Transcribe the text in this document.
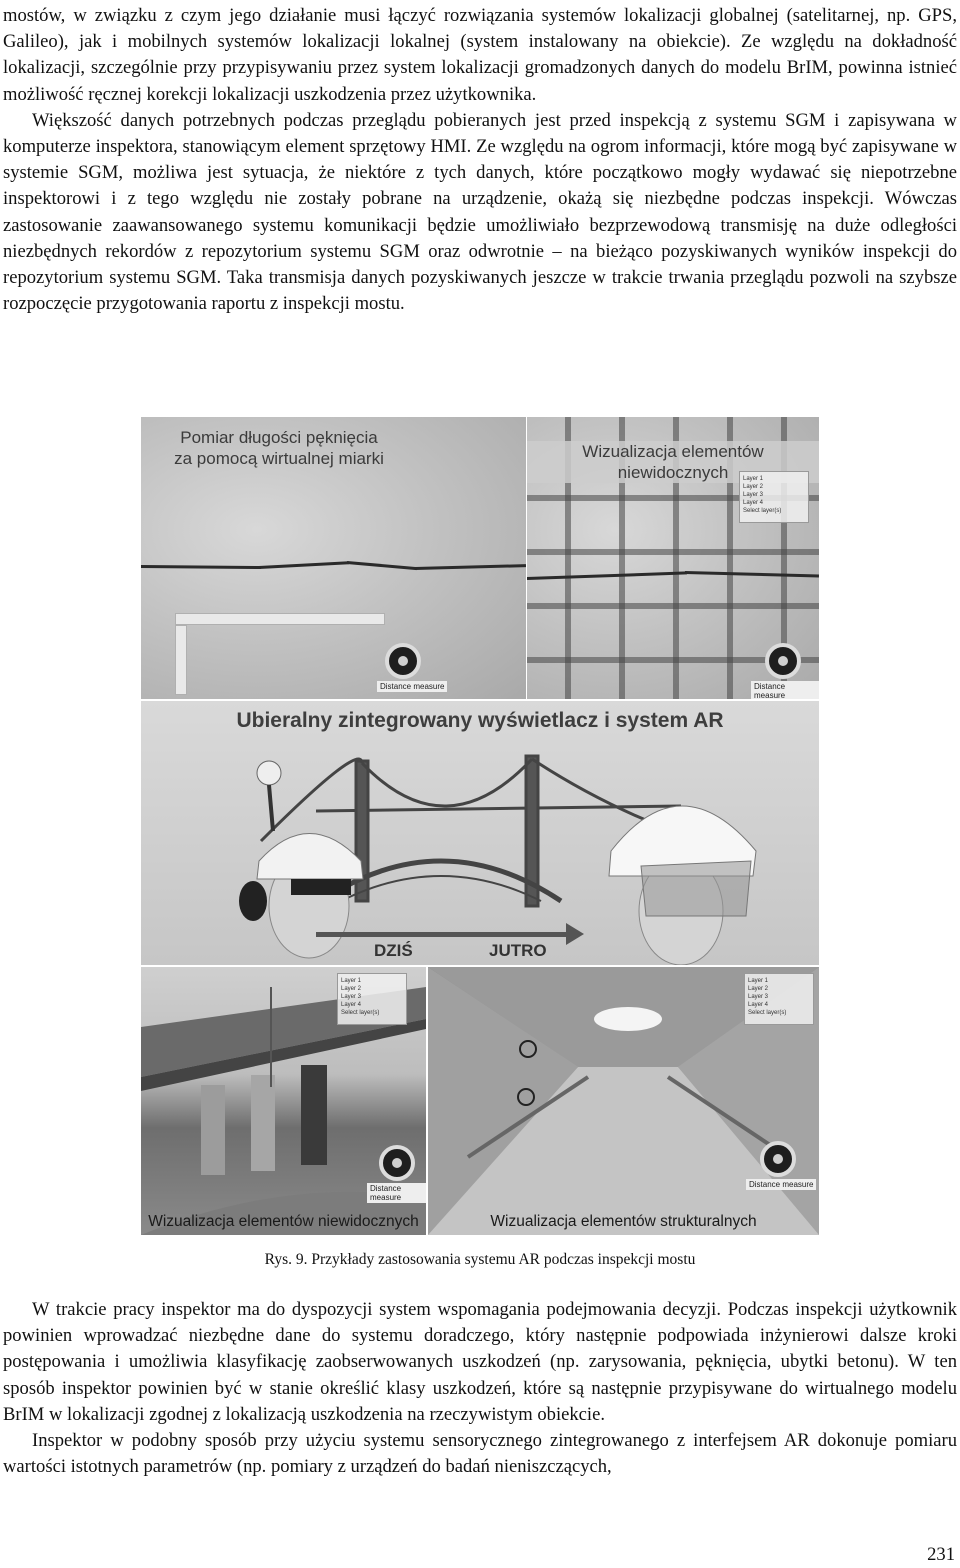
mostów, w związku z czym jego działanie musi łączyć rozwiązania systemów lokalizacji globalnej (satelitarnej, np. GPS, Galileo), jak i mobilnych systemów lokalizacji lokalnej (system instalowany na obiekcie). Ze względu na dokładność lokalizacji, szczególnie przy przypisywaniu przez system lokalizacji gromadzonych danych do modelu BrIM, powinna istnieć możliwość ręcznej korekcji lokalizacji uszkodzenia przez użytkownika.

Większość danych potrzebnych podczas przeglądu pobieranych jest przed inspekcją z systemu SGM i zapisywana w komputerze inspektora, stanowiącym element sprzętowy HMI. Ze względu na ogrom informacji, które mogą być zapisywane w systemie SGM, możliwa jest sytuacja, że niektóre z tych danych, które początkowo mogły wydawać się niepotrzebne inspektorowi i z tego względu nie zostały pobrane na urządzenie, okażą się niezbędne podczas inspekcji. Wówczas zastosowanie zaawansowanego systemu komunikacji będzie umożliwiało bezprzewodową transmisję na duże odległości niezbędnych rekordów z repozytorium systemu SGM oraz odwrotnie – na bieżąco pozyskiwanych wyników inspekcji do repozytorium systemu SGM. Taka transmisja danych pozyskiwanych jeszcze w trakcie trwania przeglądu pozwoli na szybsze rozpoczęcie przygotowania raportu z inspekcji mostu.

Pomiar długości pęknięcia za pomocą wirtualnej miarki
Distance measure
Wizualizacja elementów niewidocznych	Layer 1
Layer 2
Layer 3
Layer 4
Select layer(s)
Distance measure
Ubieralny zintegrowany wyświetlacz i system AR
DZIŚ	JUTRO
Layer 1
Layer 2
Layer 3
Layer 4
Select layer(s)
Distance measure
Wizualizacja elementów niewidocznych
Layer 1
Layer 2
Layer 3
Layer 4
Select layer(s)
Distance measure
Wizualizacja elementów strukturalnych
Rys. 9. Przykłady zastosowania systemu AR podczas inspekcji mostu

W trakcie pracy inspektor ma do dyspozycji system wspomagania podejmowania decyzji. Podczas inspekcji użytkownik powinien wprowadzać niezbędne dane do systemu doradczego, który następnie podpowiada inżynierowi dalsze kroki postępowania i umożliwia klasyfikację zaobserwowanych uszkodzeń (np. zarysowania, pęknięcia, ubytki betonu). W ten sposób inspektor powinien być w stanie określić klasy uszkodzeń, które są następnie przypisywane do wirtualnego modelu BrIM w lokalizacji zgodnej z lokalizacją uszkodzenia na rzeczywistym obiekcie.

Inspektor w podobny sposób przy użyciu systemu sensorycznego zintegrowanego z interfejsem AR dokonuje pomiaru wartości istotnych parametrów (np. pomiary z urządzeń do badań nieniszczących,

231
